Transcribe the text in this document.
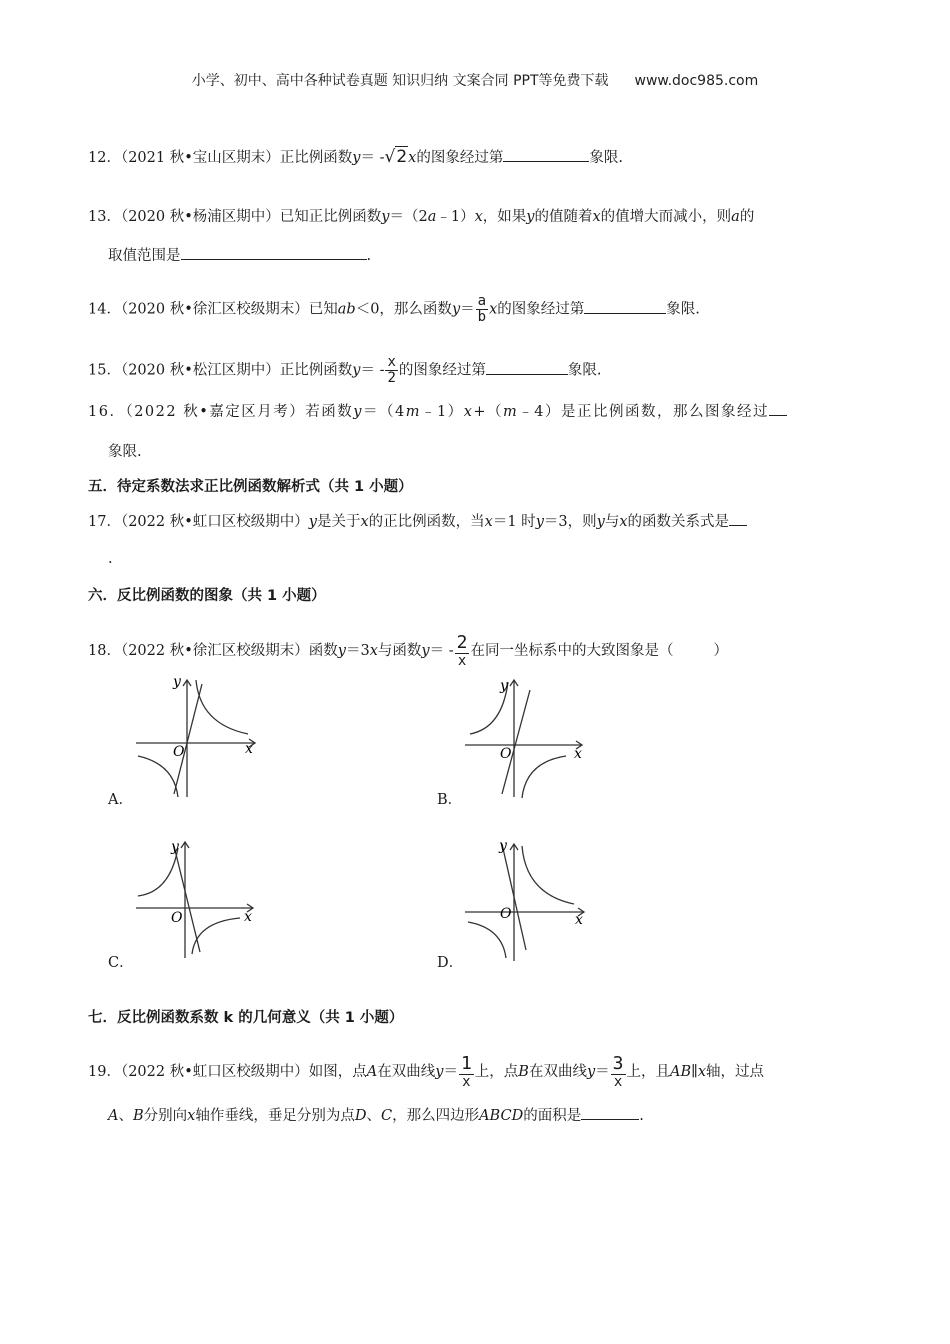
小学、初中、高中各种试卷真题 知识归纳 文案合同 PPT等免费下载 www.doc985.com
12．（2021 秋•宝山区期末）正比例函数y＝ -√2x的图象经过第	象限.
13．（2020 秋•杨浦区期中）已知正比例函数y＝（2a﹣1）x，如果y的值随着x的值增大而减小，则a的
取值范围是	.
14．（2020 秋•徐汇区校级期末）已知ab＜0，那么函数$y= \frac{a}{b}$ x的图象经过第	象限.
15．（2020 秋•松江区期中）正比例函数$y= - \frac{x}{2}$ 的图象经过第	象限.
16．（2022 秋•嘉定区月考）若函数y＝（4m﹣1）x+（m﹣4）是正比例函数，那么图象经过
象限.
五．待定系数法求正比例函数解析式（共 1 小题）
17．（2022 秋•虹口区校级期中）y是关于x的正比例函数，当x＝1 时y＝3，则y与x的函数关系式是
.
六．反比例函数的图象（共 1 小题）
18．（2022 秋•徐汇区校级期末）函数y＝3x与函数$y= - \frac{2}{x}$ 在同一坐标系中的大致图象是（	）
x
y
O
A．
x
y
O
B．
x
y
O
C．
x
y
O
D．
七．反比例函数系数 k 的几何意义（共 1 小题）
19．（2022 秋•虹口区校级期中）如图，点A在双曲线$y= \frac{1}{x}$ 上，点B在双曲线$y= \frac{3}{x}$ 上，且AB∥x轴，过点
A、B分别向x轴作垂线，垂足分别为点D、C，那么四边形ABCD的面积是	.
